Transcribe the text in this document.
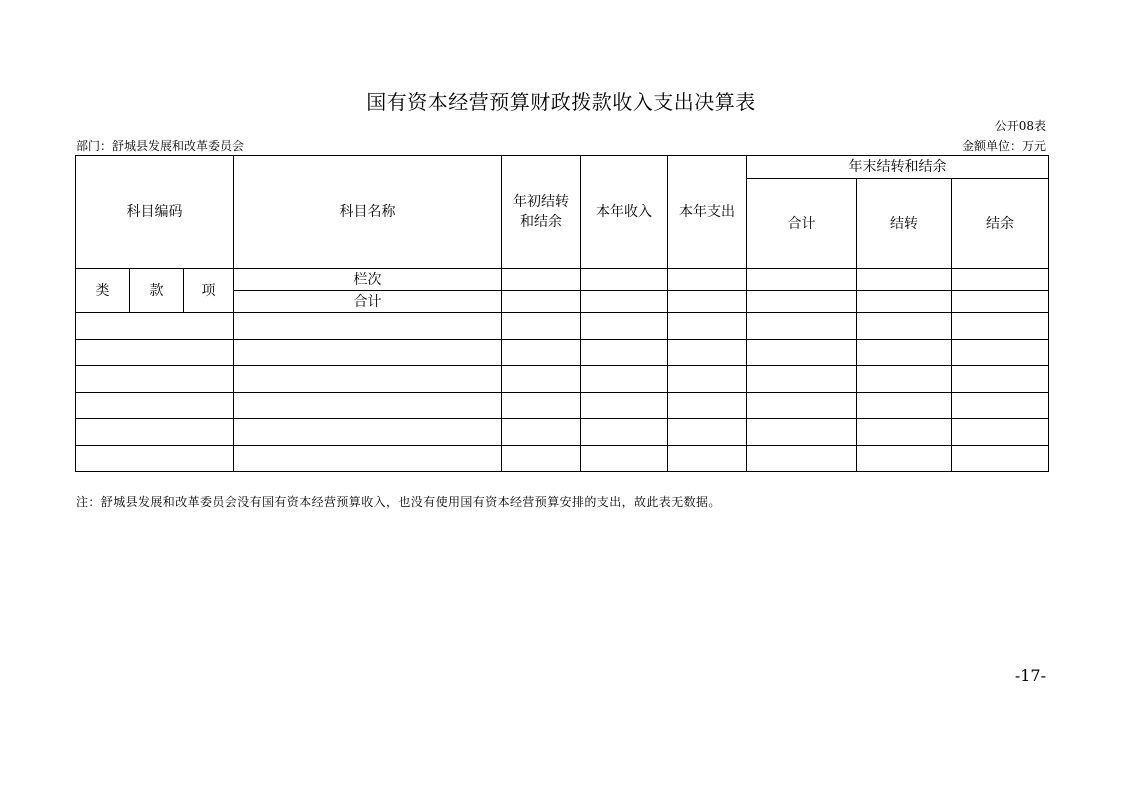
国有资本经营预算财政拨款收入支出决算表
公开08表
部门：舒城县发展和改革委员会	金额单位：万元
科目编码			科目名称	年初结转和结余	本年收入	本年支出	年末结转和结余		
							合计	结转	结余
类	款	项	栏次						
			合计						

注：舒城县发展和改革委员会没有国有资本经营预算收入，也没有使用国有资本经营预算安排的支出，故此表无数据。
-17-
